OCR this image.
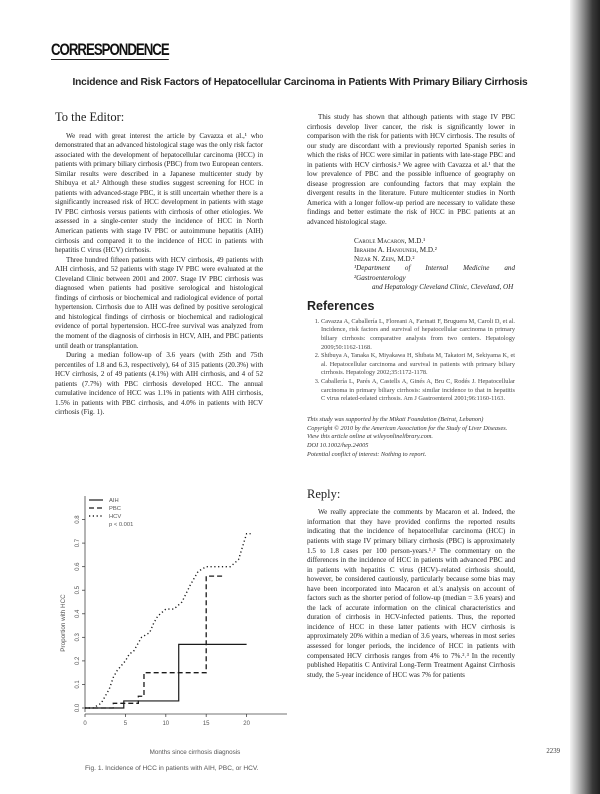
CORRESPONDENCE
Incidence and Risk Factors of Hepatocellular Carcinoma in Patients With Primary Biliary Cirrhosis
To the Editor:

We read with great interest the article by Cavazza et al.,¹ who demonstrated that an advanced histological stage was the only risk factor associated with the development of hepatocellular carcinoma (HCC) in patients with primary biliary cirrhosis (PBC) from two European centers. Similar results were described in a Japanese multicenter study by Shibuya et al.² Although these studies suggest screening for HCC in patients with advanced-stage PBC, it is still uncertain whether there is a significantly increased risk of HCC development in patients with stage IV PBC cirrhosis versus patients with cirrhosis of other etiologies. We assessed in a single-center study the incidence of HCC in North American patients with stage IV PBC or autoimmune hepatitis (AIH) cirrhosis and compared it to the incidence of HCC in patients with hepatitis C virus (HCV) cirrhosis.

Three hundred fifteen patients with HCV cirrhosis, 49 patients with AIH cirrhosis, and 52 patients with stage IV PBC were evaluated at the Cleveland Clinic between 2001 and 2007. Stage IV PBC cirrhosis was diagnosed when patients had positive serological and histological findings of cirrhosis or biochemical and radiological evidence of portal hypertension. Cirrhosis due to AIH was defined by positive serological and histological findings of cirrhosis or biochemical and radiological evidence of portal hypertension. HCC-free survival was analyzed from the moment of the diagnosis of cirrhosis in HCV, AIH, and PBC patients until death or transplantation.

During a median follow-up of 3.6 years (with 25th and 75th percentiles of 1.8 and 6.3, respectively), 64 of 315 patients (20.3%) with HCV cirrhosis, 2 of 49 patients (4.1%) with AIH cirrhosis, and 4 of 52 patients (7.7%) with PBC cirrhosis developed HCC. The annual cumulative incidence of HCC was 1.1% in patients with AIH cirrhosis, 1.5% in patients with PBC cirrhosis, and 4.0% in patients with HCV cirrhosis (Fig. 1).

0	5	10	15	20
0.0
0.1
0.2
0.3
0.4
0.5
0.6
0.7
0.8
AIH
PBC
HCV
p < 0.001
Months since cirrhosis diagnosis
Proportion with HCC
Fig. 1. Incidence of HCC in patients with AIH, PBC, or HCV.

This study has shown that although patients with stage IV PBC cirrhosis develop liver cancer, the risk is significantly lower in comparison with the risk for patients with HCV cirrhosis. The results of our study are discordant with a previously reported Spanish series in which the risks of HCC were similar in patients with late-stage PBC and in patients with HCV cirrhosis.³ We agree with Cavazza et al.¹ that the low prevalence of PBC and the possible influence of geography on disease progression are confounding factors that may explain the divergent results in the literature. Future multicenter studies in North America with a longer follow-up period are necessary to validate these findings and better estimate the risk of HCC in PBC patients at an advanced histological stage.

Carole Macaron, M.D.¹
Ibrahim A. Hanouneh, M.D.²
Nizar N. Zein, M.D.²
¹Department of Internal Medicine and ²Gastroenterology
and Hepatology Cleveland Clinic, Cleveland, OH
References
1. Cavazza A, Caballería L, Floreani A, Farinati F, Bruguera M, Caroli D, et al. Incidence, risk factors and survival of hepatocellular carcinoma in primary biliary cirrhosis: comparative analysis from two centers. Hepatology 2009;50:1162-1168.
2. Shibuya A, Tanaka K, Miyakawa H, Shibata M, Takatori M, Sekiyama K, et al. Hepatocellular carcinoma and survival in patients with primary biliary cirrhosis. Hepatology 2002;35:1172-1178.
3. Caballería L, Parés A, Castells A, Ginés A, Bru C, Rodés J. Hepatocellular carcinoma in primary biliary cirrhosis: similar incidence to that in hepatitis C virus related-related cirrhosis. Am J Gastroenterol 2001;96:1160-1163.
This study was supported by the Mikati Foundation (Beirut, Lebanon)
Copyright © 2010 by the American Association for the Study of Liver Diseases.
View this article online at wileyonlinelibrary.com.
DOI 10.1002/hep.24005
Potential conflict of interest: Nothing to report.
Reply:

We really appreciate the comments by Macaron et al. Indeed, the information that they have provided confirms the reported results indicating that the incidence of hepatocellular carcinoma (HCC) in patients with stage IV primary biliary cirrhosis (PBC) is approximately 1.5 to 1.8 cases per 100 person-years.¹˒² The commentary on the differences in the incidence of HCC in patients with advanced PBC and in patients with hepatitis C virus (HCV)–related cirrhosis should, however, be considered cautiously, particularly because some bias may have been incorporated into Macaron et al.'s analysis on account of factors such as the shorter period of follow-up (median = 3.6 years) and the lack of accurate information on the clinical characteristics and duration of cirrhosis in HCV-infected patients. Thus, the reported incidence of HCC in these latter patients with HCV cirrhosis is approximately 20% within a median of 3.6 years, whereas in most series assessed for longer periods, the incidence of HCC in patients with compensated HCV cirrhosis ranges from 4% to 7%.²˒³ In the recently published Hepatitis C Antiviral Long-Term Treatment Against Cirrhosis study, the 5-year incidence of HCC was 7% for patients

2239
